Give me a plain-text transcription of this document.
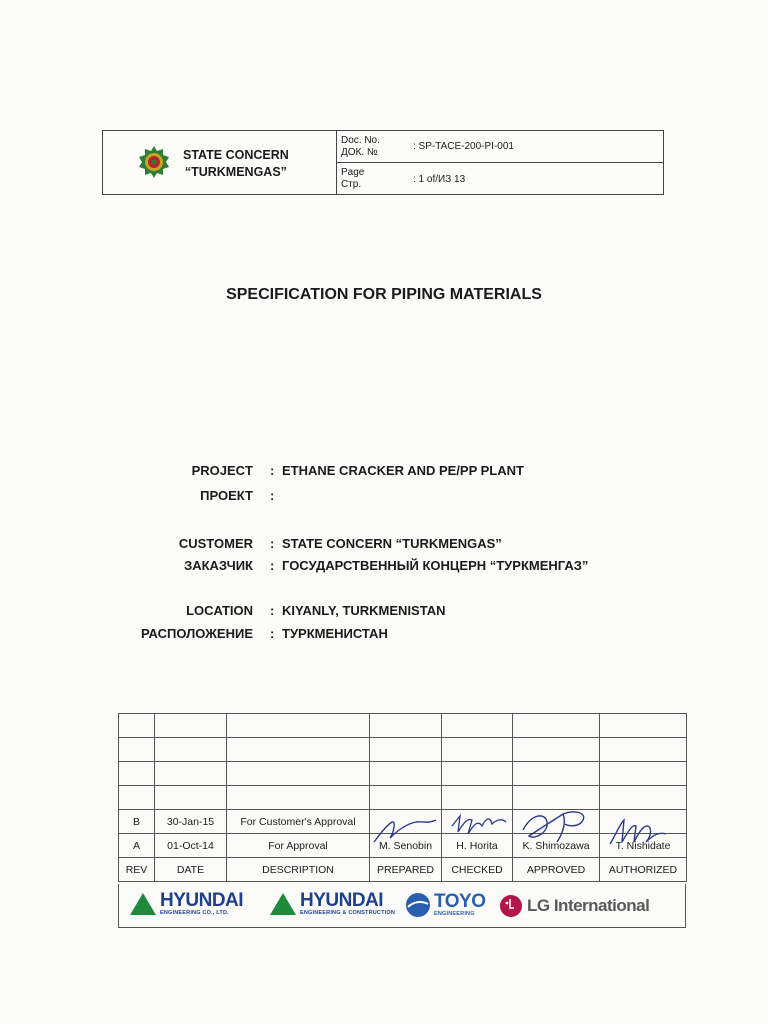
STATE CONCERN
“TURKMENGAS”
Doc. No.
ДОК. №
: SP-TACE-200-PI-001
Page
Стр.	: 1 of/ИЗ 13
SPECIFICATION FOR PIPING MATERIALS
PROJECT : ETHANE CRACKER AND PE/PP PLANT
ПРОЕКТ :
CUSTOMER : STATE CONCERN “TURKMENGAS”
ЗАКАЗЧИК : ГОСУДАРСТВЕННЫЙ КОНЦЕРН “ТУРКМЕНГАЗ”
LOCATION : KIYANLY, TURKMENISTAN
РАСПОЛОЖЕНИЕ : ТУРКМЕНИСТАН

B	30-Jan-15	For Customer's Approval				
A	01-Oct-14	For Approval	M. Senobin	H. Horita	K. Shimozawa	T. Nishidate
REV	DATE	DESCRIPTION	PREPARED	CHECKED	APPROVED	AUTHORIZED
HYUNDAI
ENGINEERING CO., LTD.
HYUNDAI
ENGINEERING & CONSTRUCTION
TOYO
ENGINEERING	LG International
